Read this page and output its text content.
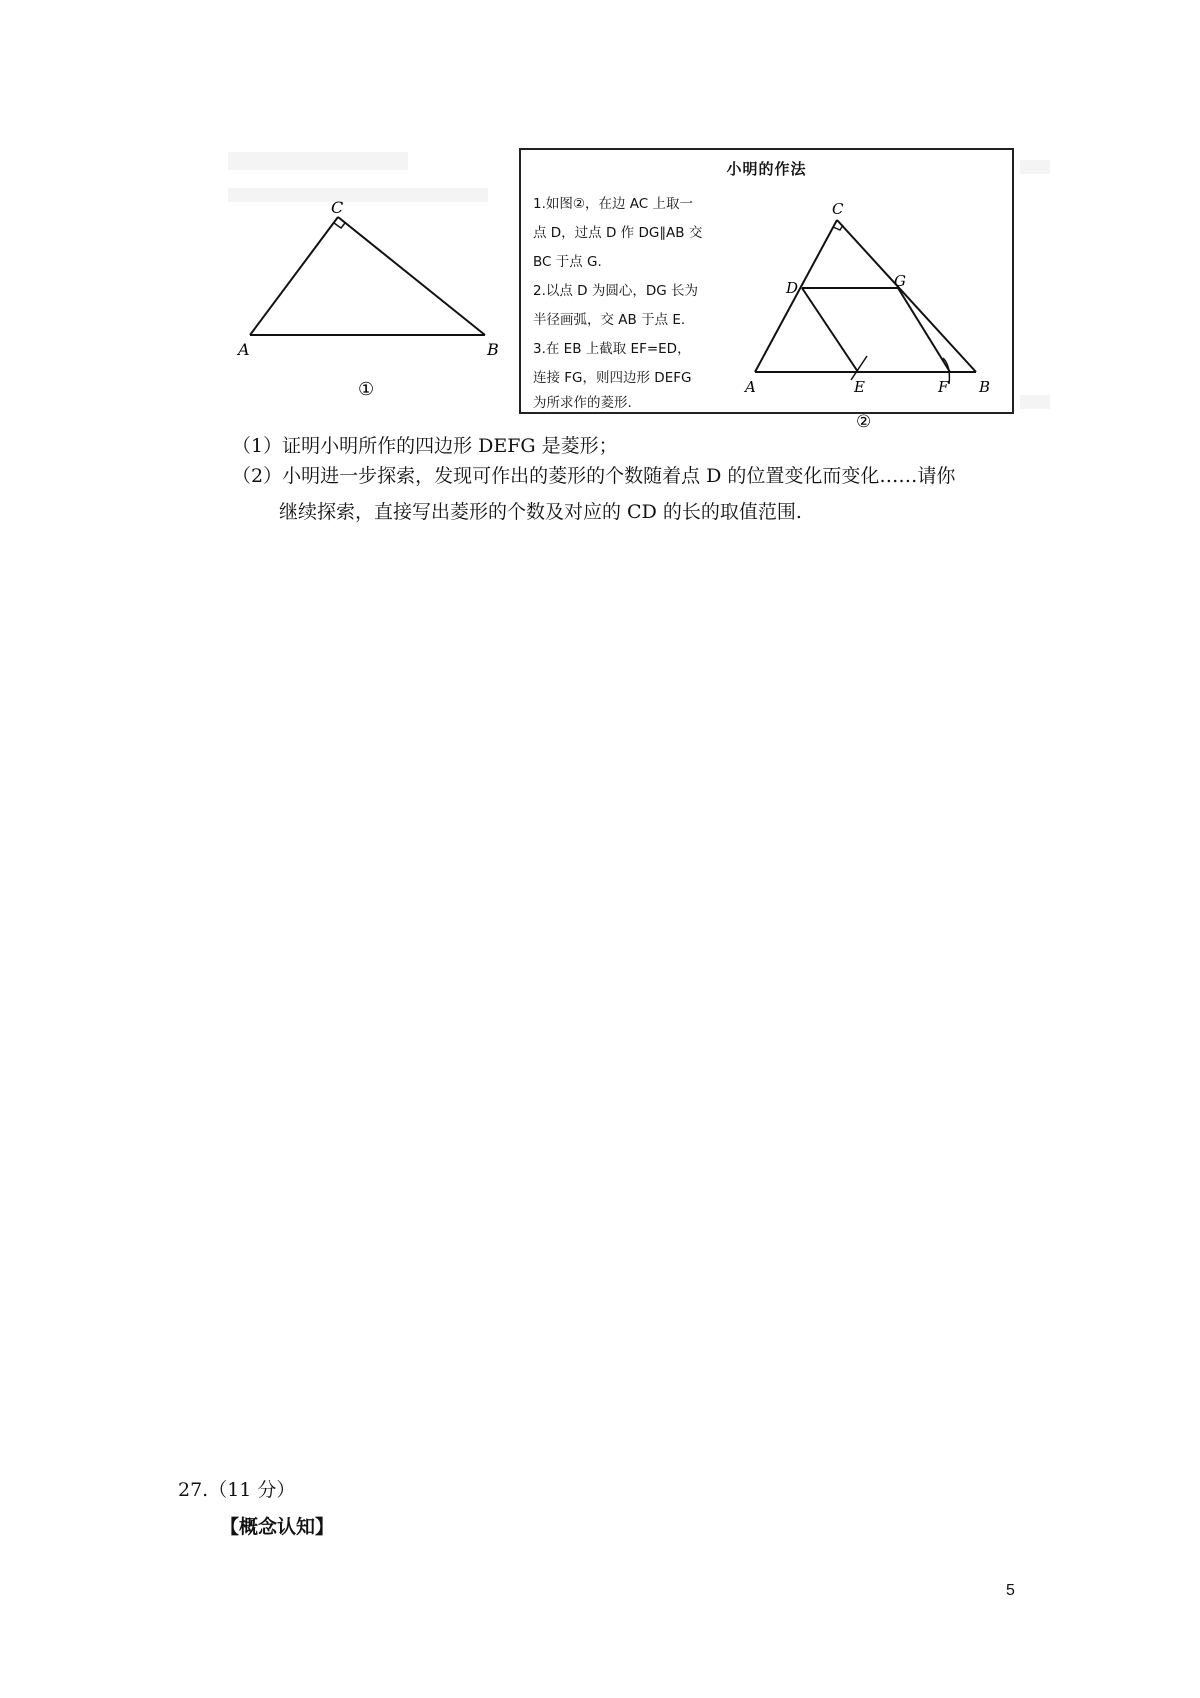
A	B
C
①
小明的作法
1.如图②，在边 AC 上取一
点 D，过点 D 作 DG∥AB 交
BC 于点 G.
2.以点 D 为圆心，DG 长为
半径画弧，交 AB 于点 E.
3.在 EB 上截取 EF=ED，
连接 FG，则四边形 DEFG
为所求作的菱形.
A	B
C
D
E	F
G
②
（1）证明小明所作的四边形 DEFG 是菱形；
（2）小明进一步探索，发现可作出的菱形的个数随着点 D 的位置变化而变化……请你
继续探索，直接写出菱形的个数及对应的 CD 的长的取值范围.
27.（11 分）
【概念认知】
5
